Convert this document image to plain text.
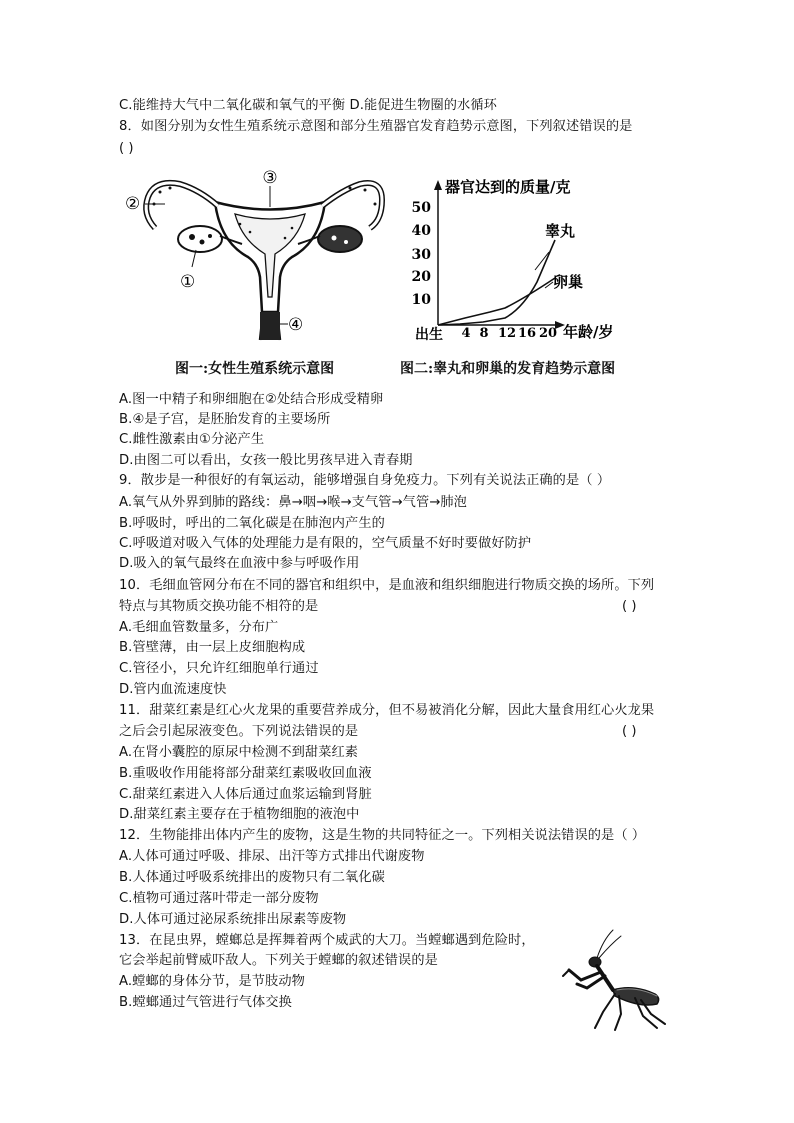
C.能维持大气中二氧化碳和氧气的平衡 D.能促进生物圈的水循环
8．如图分别为女性生殖系统示意图和部分生殖器官发育趋势示意图，下列叙述错误的是
( )
③
②
①
④
器官达到的质量/克
50
40
30
20
10
4 8 12 16 20
出生	年龄/岁
睾丸
卵巢
图一:女性生殖系统示意图	图二:睾丸和卵巢的发育趋势示意图
A.图一中精子和卵细胞在②处结合形成受精卵
B.④是子宫，是胚胎发育的主要场所
C.雌性激素由①分泌产生
D.由图二可以看出，女孩一般比男孩早进入青春期
9．散步是一种很好的有氧运动，能够增强自身免疫力。下列有关说法正确的是（ ）
A.氧气从外界到肺的路线：鼻→咽→喉→支气管→气管→肺泡
B.呼吸时，呼出的二氧化碳是在肺泡内产生的
C.呼吸道对吸入气体的处理能力是有限的，空气质量不好时要做好防护
D.吸入的氧气最终在血液中参与呼吸作用
10．毛细血管网分布在不同的器官和组织中，是血液和组织细胞进行物质交换的场所。下列
特点与其物质交换功能不相符的是	( )
A.毛细血管数量多，分布广
B.管壁薄，由一层上皮细胞构成
C.管径小，只允许红细胞单行通过
D.管内血流速度快
11．甜菜红素是红心火龙果的重要营养成分，但不易被消化分解，因此大量食用红心火龙果
之后会引起尿液变色。下列说法错误的是	( )
A.在肾小囊腔的原尿中检测不到甜菜红素
B.重吸收作用能将部分甜菜红素吸收回血液
C.甜菜红素进入人体后通过血浆运输到肾脏
D.甜菜红素主要存在于植物细胞的液泡中
12．生物能排出体内产生的废物，这是生物的共同特征之一。下列相关说法错误的是（ ）
A.人体可通过呼吸、排尿、出汗等方式排出代谢废物
B.人体通过呼吸系统排出的废物只有二氧化碳
C.植物可通过落叶带走一部分废物
D.人体可通过泌尿系统排出尿素等废物
13．在昆虫界，螳螂总是挥舞着两个威武的大刀。当螳螂遇到危险时，
它会举起前臂威吓敌人。下列关于螳螂的叙述错误的是
A.螳螂的身体分节，是节肢动物
B.螳螂通过气管进行气体交换
